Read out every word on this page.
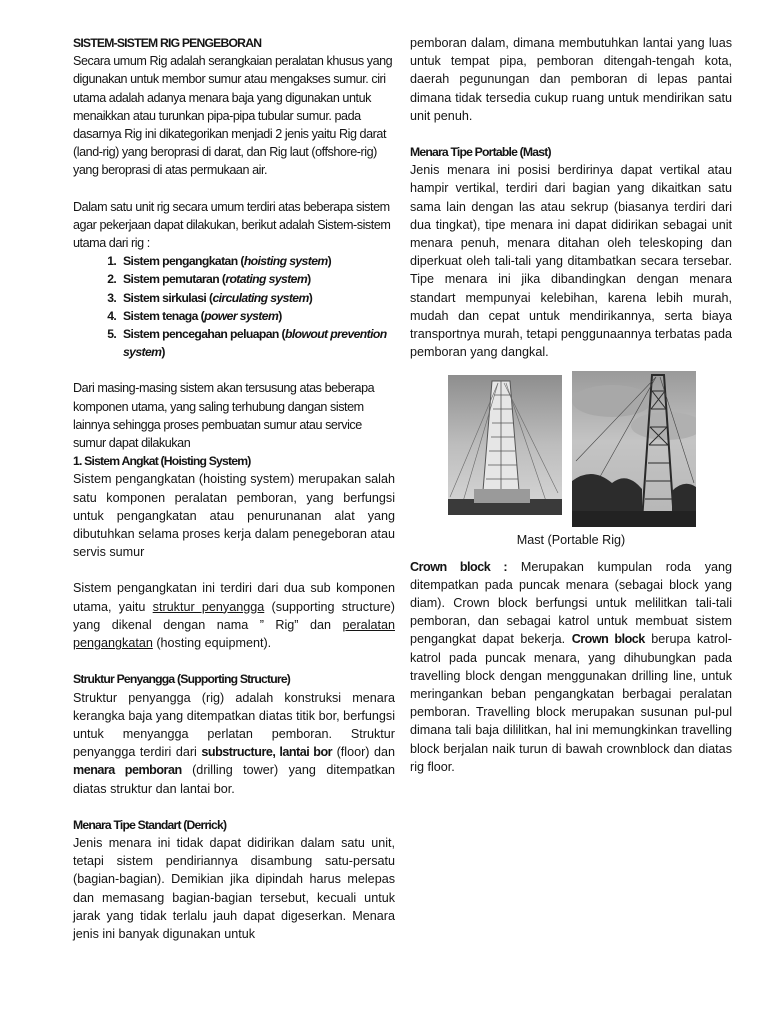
SISTEM-SISTEM RIG PENGEBORAN

Secara umum Rig adalah serangkaian peralatan khusus yang digunakan untuk membor sumur atau mengakses sumur. ciri utama adalah adanya menara baja yang digunakan untuk menaikkan atau turunkan pipa-pipa tubular sumur. pada dasarnya Rig ini dikategorikan menjadi 2 jenis yaitu Rig darat (land-rig) yang beroprasi di darat, dan Rig laut (offshore-rig) yang beroprasi di atas permukaan air.

Dalam satu unit rig secara umum terdiri atas beberapa sistem agar pekerjaan dapat dilakukan, berikut adalah Sistem-sistem utama dari rig :

1. Sistem pengangkatan (hoisting system)
2. Sistem pemutaran (rotating system)
3. Sistem sirkulasi (circulating system)
4. Sistem tenaga (power system)
5. Sistem pencegahan peluapan (blowout prevention system)

Dari masing-masing sistem akan tersusung atas beberapa komponen utama, yang saling terhubung dangan sistem lainnya sehingga proses pembuatan sumur atau service sumur dapat dilakukan

1. Sistem Angkat (Hoisting System)

Sistem pengangkatan (hoisting system) merupakan salah satu komponen peralatan pemboran, yang berfungsi untuk pengangkatan atau penurunanan alat yang dibutuhkan selama proses kerja dalam penegeboran atau servis sumur

Sistem pengangkatan ini terdiri dari dua sub komponen utama, yaitu struktur penyangga (supporting structure) yang dikenal dengan nama ” Rig” dan peralatan pengangkatan (hosting equipment).

Struktur Penyangga (Supporting Structure)

Struktur penyangga (rig) adalah konstruksi menara kerangka baja yang ditempatkan diatas titik bor, berfungsi untuk menyangga perlatan pemboran. Struktur penyangga terdiri dari substructure, lantai bor (floor) dan menara pemboran (drilling tower) yang ditempatkan diatas struktur dan lantai bor.

Menara Tipe Standart (Derrick)

Jenis menara ini tidak dapat didirikan dalam satu unit, tetapi sistem pendiriannya disambung satu-persatu (bagian-bagian). Demikian jika dipindah harus melepas dan memasang bagian-bagian tersebut, kecuali untuk jarak yang tidak terlalu jauh dapat digeserkan. Menara jenis ini banyak digunakan untuk

pemboran dalam, dimana membutuhkan lantai yang luas untuk tempat pipa, pemboran ditengah-tengah kota, daerah pegunungan dan pemboran di lepas pantai dimana tidak tersedia cukup ruang untuk mendirikan satu unit penuh.

Menara Tipe Portable (Mast)

Jenis menara ini posisi berdirinya dapat vertikal atau hampir vertikal, terdiri dari bagian yang dikaitkan satu sama lain dengan las atau sekrup (biasanya terdiri dari dua tingkat), tipe menara ini dapat didirikan sebagai unit menara penuh, menara ditahan oleh teleskoping dan diperkuat oleh tali-tali yang ditambatkan secara tersebar. Tipe menara ini jika dibandingkan dengan menara standart mempunyai kelebihan, karena lebih murah, mudah dan cepat untuk mendirikannya, serta biaya transportnya murah, tetapi penggunaannya terbatas pada pemboran yang dangkal.

Mast (Portable Rig)

Crown block : Merupakan kumpulan roda yang ditempatkan pada puncak menara (sebagai block yang diam). Crown block berfungsi untuk melilitkan tali-tali pemboran, dan sebagai katrol untuk membuat sistem pengangkat dapat bekerja. Crown block berupa katrol-katrol pada puncak menara, yang dihubungkan pada travelling block dengan menggunakan drilling line, untuk meringankan beban pengangkatan berbagai peralatan pemboran. Travelling block merupakan susunan pul-pul dimana tali baja dililitkan, hal ini memungkinkan travelling block berjalan naik turun di bawah crownblock dan diatas rig floor.
